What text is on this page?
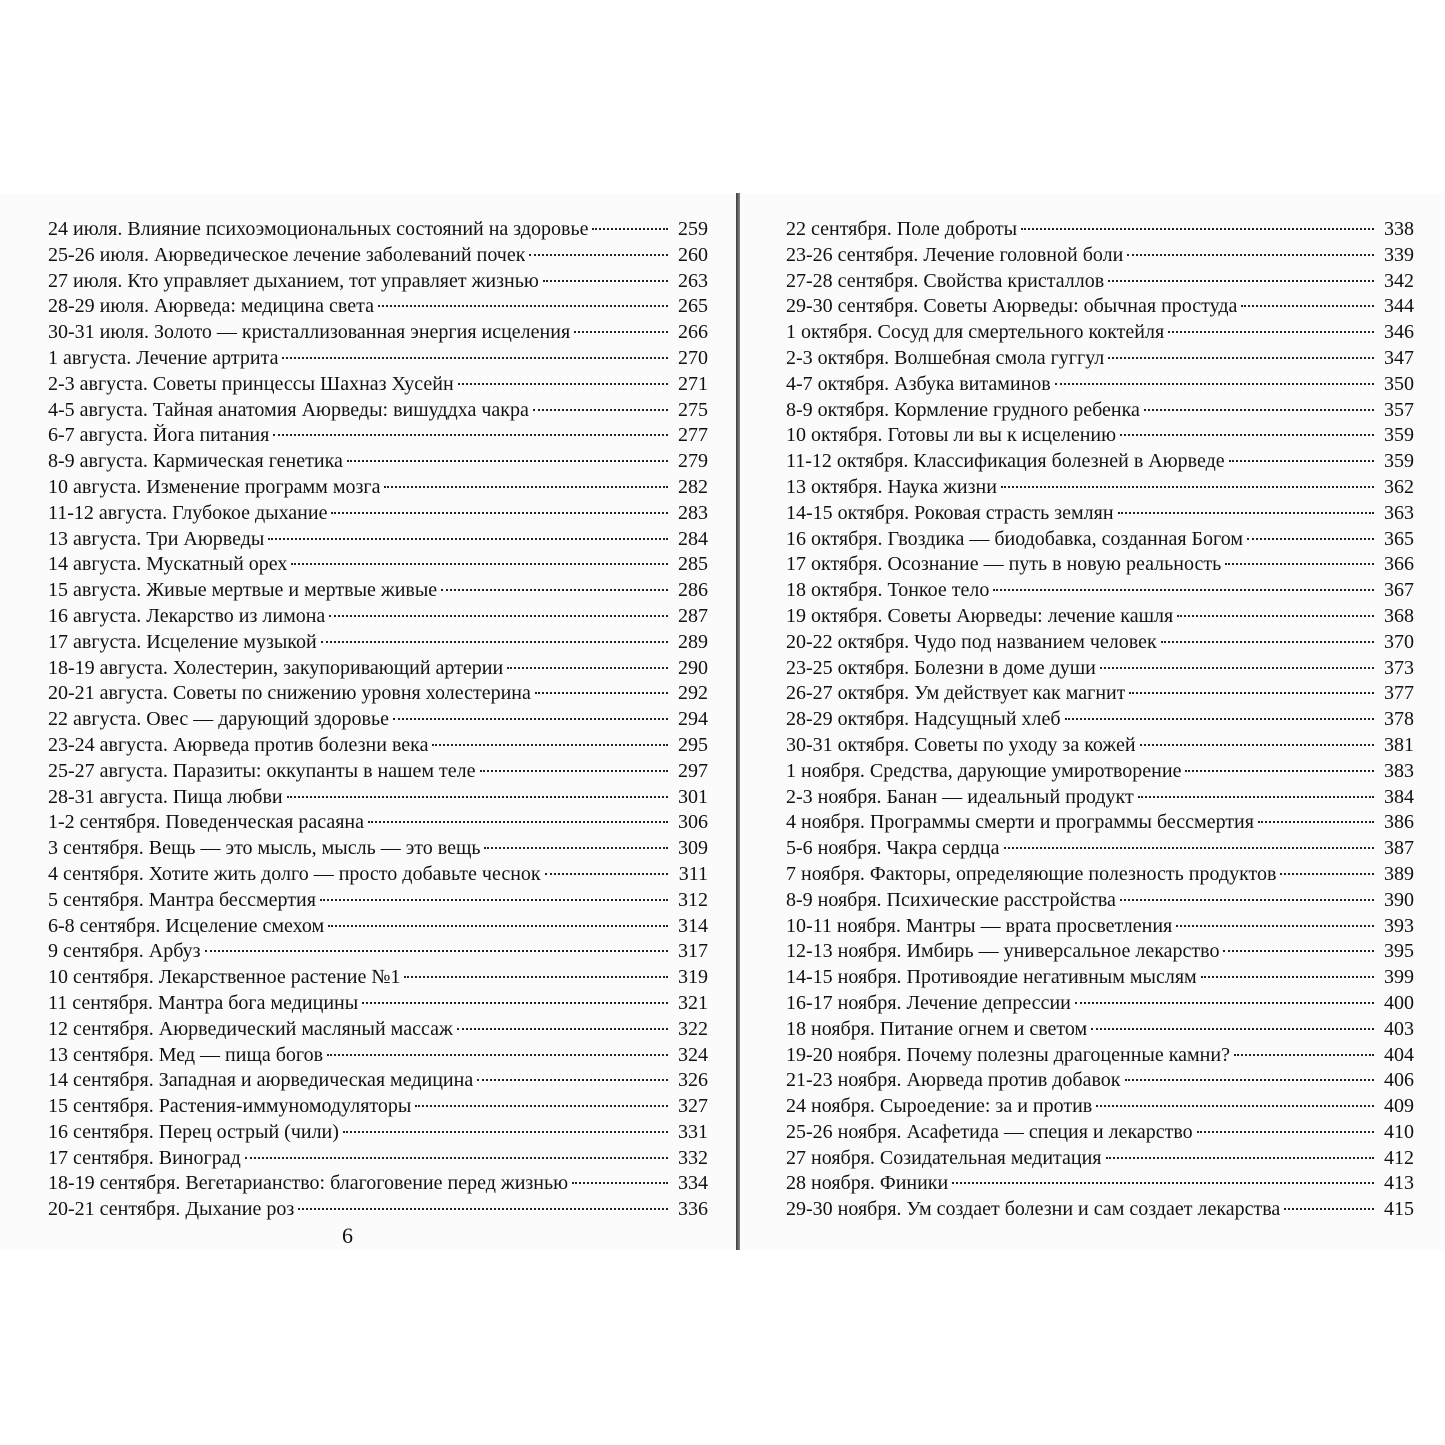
24 июля. Влияние психоэмоциональных состояний на здоровье	259
25-26 июля. Аюрведическое лечение заболеваний почек	260
27 июля. Кто управляет дыханием, тот управляет жизнью	263
28-29 июля. Аюрведа: медицина света	265
30-31 июля. Золото — кристаллизованная энергия исцеления	266
1 августа. Лечение артрита	270
2-3 августа. Советы принцессы Шахназ Хусейн	271
4-5 августа. Тайная анатомия Аюрведы: вишуддха чакра	275
6-7 августа. Йога питания	277
8-9 августа. Кармическая генетика	279
10 августа. Изменение программ мозга	282
11-12 августа. Глубокое дыхание	283
13 августа. Три Аюрведы	284
14 августа. Мускатный орех	285
15 августа. Живые мертвые и мертвые живые	286
16 августа. Лекарство из лимона	287
17 августа. Исцеление музыкой	289
18-19 августа. Холестерин, закупоривающий артерии	290
20-21 августа. Советы по снижению уровня холестерина	292
22 августа. Овес — дарующий здоровье	294
23-24 августа. Аюрведа против болезни века	295
25-27 августа. Паразиты: оккупанты в нашем теле	297
28-31 августа. Пища любви	301
1-2 сентября. Поведенческая расаяна	306
3 сентября. Вещь — это мысль, мысль — это вещь	309
4 сентября. Хотите жить долго — просто добавьте чеснок	311
5 сентября. Мантра бессмертия	312
6-8 сентября. Исцеление смехом	314
9 сентября. Арбуз	317
10 сентября. Лекарственное растение №1	319
11 сентября. Мантра бога медицины	321
12 сентября. Аюрведический масляный массаж	322
13 сентября. Мед — пища богов	324
14 сентября. Западная и аюрведическая медицина	326
15 сентября. Растения-иммуномодуляторы	327
16 сентября. Перец острый (чили)	331
17 сентября. Виноград	332
18-19 сентября. Вегетарианство: благоговение перед жизнью	334
20-21 сентября. Дыхание роз	336
6
22 сентября. Поле доброты	338
23-26 сентября. Лечение головной боли	339
27-28 сентября. Свойства кристаллов	342
29-30 сентября. Советы Аюрведы: обычная простуда	344
1 октября. Сосуд для смертельного коктейля	346
2-3 октября. Волшебная смола гуггул	347
4-7 октября. Азбука витаминов	350
8-9 октября. Кормление грудного ребенка	357
10 октября. Готовы ли вы к исцелению	359
11-12 октября. Классификация болезней в Аюрведе	359
13 октября. Наука жизни	362
14-15 октября. Роковая страсть землян	363
16 октября. Гвоздика — биодобавка, созданная Богом	365
17 октября. Осознание — путь в новую реальность	366
18 октября. Тонкое тело	367
19 октября. Советы Аюрведы: лечение кашля	368
20-22 октября. Чудо под названием человек	370
23-25 октября. Болезни в доме души	373
26-27 октября. Ум действует как магнит	377
28-29 октября. Надсущный хлеб	378
30-31 октября. Советы по уходу за кожей	381
1 ноября. Средства, дарующие умиротворение	383
2-3 ноября. Банан — идеальный продукт	384
4 ноября. Программы смерти и программы бессмертия	386
5-6 ноября. Чакра сердца	387
7 ноября. Факторы, определяющие полезность продуктов	389
8-9 ноября. Психические расстройства	390
10-11 ноября. Мантры — врата просветления	393
12-13 ноября. Имбирь — универсальное лекарство	395
14-15 ноября. Противоядие негативным мыслям	399
16-17 ноября. Лечение депрессии	400
18 ноября. Питание огнем и светом	403
19-20 ноября. Почему полезны драгоценные камни?	404
21-23 ноября. Аюрведа против добавок	406
24 ноября. Сыроедение: за и против	409
25-26 ноября. Асафетида — специя и лекарство	410
27 ноября. Созидательная медитация	412
28 ноября. Финики	413
29-30 ноября. Ум создает болезни и сам создает лекарства	415
